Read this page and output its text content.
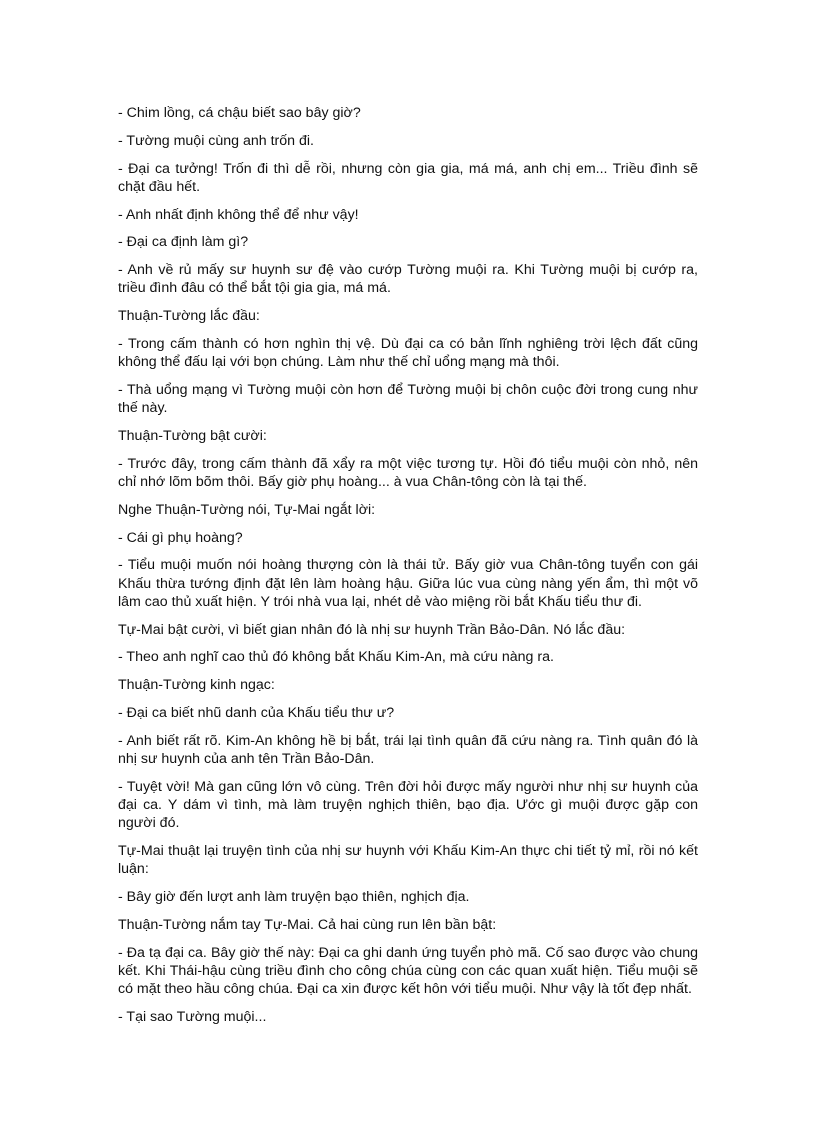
- Chim lồng, cá chậu biết sao bây giờ?

- Tường muội cùng anh trốn đi.

- Đại ca tưởng! Trốn đi thì dễ rồi, nhưng còn gia gia, má má, anh chị em... Triều đình sẽ chặt đầu hết.

- Anh nhất định không thể để như vậy!

- Đại ca định làm gì?

- Anh về rủ mấy sư huynh sư đệ vào cướp Tường muội ra. Khi Tường muội bị cướp ra, triều đình đâu có thể bắt tội gia gia, má má.

Thuận-Tường lắc đầu:

- Trong cấm thành có hơn nghìn thị vệ. Dù đại ca có bản lĩnh nghiêng trời lệch đất cũng không thể đấu lại với bọn chúng. Làm như thế chỉ uổng mạng mà thôi.

- Thà uổng mạng vì Tường muội còn hơn để Tường muội bị chôn cuộc đời trong cung như thế này.

Thuận-Tường bật cười:

- Trước đây, trong cấm thành đã xẩy ra một việc tương tự. Hồi đó tiểu muội còn nhỏ, nên chỉ nhớ lõm bõm thôi. Bấy giờ phụ hoàng... à vua Chân-tông còn là tại thế.

Nghe Thuận-Tường nói, Tự-Mai ngắt lời:

- Cái gì phụ hoàng?

- Tiểu muội muốn nói hoàng thượng còn là thái tử. Bấy giờ vua Chân-tông tuyển con gái Khấu thừa tướng định đặt lên làm hoàng hậu. Giữa lúc vua cùng nàng yến ẩm, thì một võ lâm cao thủ xuất hiện. Y trói nhà vua lại, nhét dẻ vào miệng rồi bắt Khấu tiểu thư đi.

Tự-Mai bật cười, vì biết gian nhân đó là nhị sư huynh Trần Bảo-Dân. Nó lắc đầu:

- Theo anh nghĩ cao thủ đó không bắt Khấu Kim-An, mà cứu nàng ra.

Thuận-Tường kinh ngạc:

- Đại ca biết nhũ danh của Khấu tiểu thư ư?

- Anh biết rất rõ. Kim-An không hề bị bắt, trái lại tình quân đã cứu nàng ra. Tình quân đó là nhị sư huynh của anh tên Trần Bảo-Dân.

- Tuyệt vời! Mà gan cũng lớn vô cùng. Trên đời hỏi được mấy người như nhị sư huynh của đại ca. Y dám vì tình, mà làm truyện nghịch thiên, bạo địa. Ước gì muội được gặp con người đó.

Tự-Mai thuật lại truyện tình của nhị sư huynh với Khấu Kim-An thực chi tiết tỷ mỉ, rồi nó kết luận:

- Bây giờ đến lượt anh làm truyện bạo thiên, nghịch địa.

Thuận-Tường nắm tay Tự-Mai. Cả hai cùng run lên bần bật:

- Đa tạ đại ca. Bây giờ thế này: Đại ca ghi danh ứng tuyển phò mã. Cố sao được vào chung kết. Khi Thái-hậu cùng triều đình cho công chúa cùng con các quan xuất hiện. Tiểu muội sẽ có mặt theo hầu công chúa. Đại ca xin được kết hôn với tiểu muội. Như vậy là tốt đẹp nhất.

- Tại sao Tường muội...
